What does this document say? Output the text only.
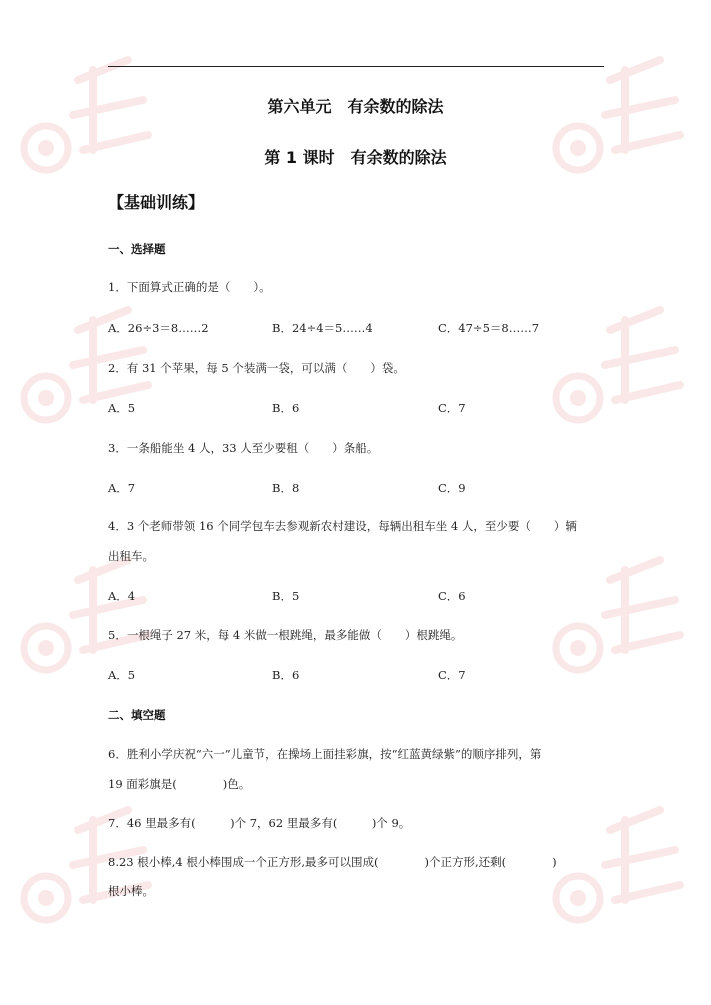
第六单元　有余数的除法
第 1 课时　有余数的除法
【基础训练】
一、选择题
1．下面算式正确的是（　　）。
A．26÷3＝8……2	B．24÷4＝5……4	C．47÷5＝8……7
2．有 31 个苹果，每 5 个装满一袋，可以满（　　）袋。
A．5	B．6	C．7
3．一条船能坐 4 人，33 人至少要租（　　）条船。
A．7	B．8	C．9
4．3 个老师带领 16 个同学包车去参观新农村建设，每辆出租车坐 4 人，至少要（　　）辆
出租车。
A．4	B．5	C．6
5．一根绳子 27 米，每 4 米做一根跳绳，最多能做（　　）根跳绳。
A．5	B．6	C．7
二、填空题
6．胜利小学庆祝“六一”儿童节，在操场上面挂彩旗，按“红蓝黄绿紫”的顺序排列，第
19 面彩旗是(　　　　)色。
7．46 里最多有(　　　)个 7，62 里最多有(　　　)个 9。
8.23 根小棒,4 根小棒围成一个正方形,最多可以围成(　　　　)个正方形,还剩(　　　　)
根小棒。
